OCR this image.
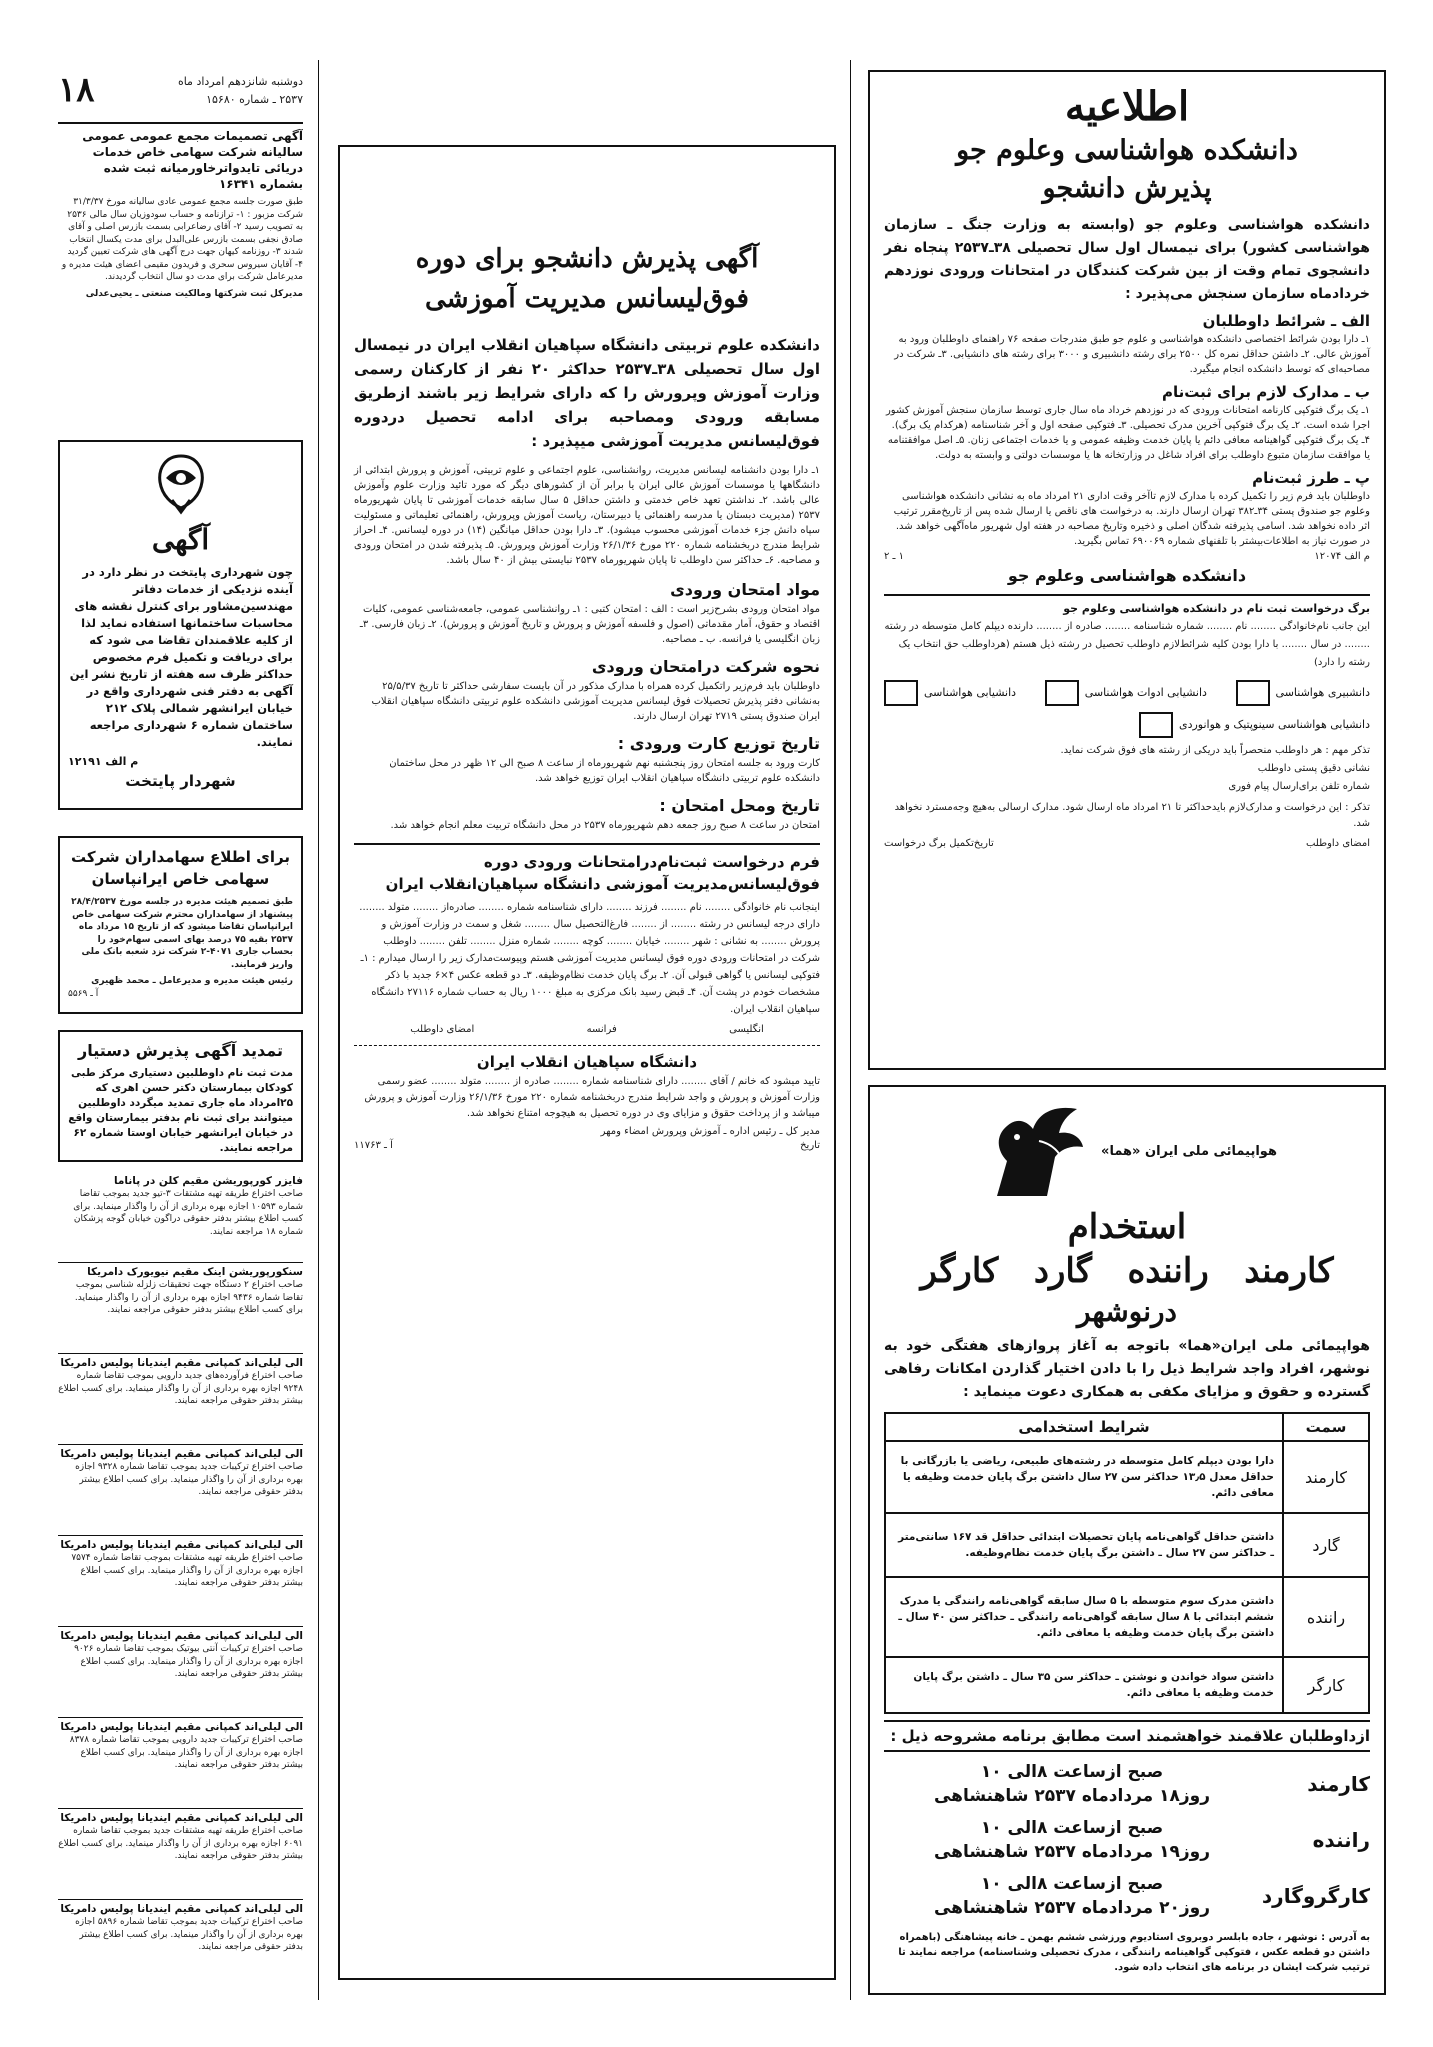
۱۸	دوشنبه شانزدهم امرداد ماه
۲۵۳۷ ـ شماره ۱۵۶۸۰
آگهی تصمیمات مجمع عمومی عمومی سالیانه شرکت سهامی خاص خدمات دریائی تایدواترخاورمیانه ثبت شده بشماره ۱۶۳۴۱
طبق صورت جلسه مجمع عمومی عادی سالیانه مورخ ۳۱/۳/۳۷ شرکت مزبور : ۱- ترازنامه و حساب سودوزیان سال مالی ۲۵۳۶ به تصویب رسید ۲- آقای رضاعرابی بسمت بازرس اصلی و آقای صادق نجفی بسمت بازرس علی‌البدل برای مدت یکسال انتخاب شدند ۳- روزنامه کیهان جهت درج آگهی های شرکت تعیین گردید ۴- آقایان سیروس سحری و فریدون مقیمی اعضای هیئت مدیره و مدیرعامل شرکت برای مدت دو سال انتخاب گردیدند.
مدیرکل ثبت شرکتها ومالکیت صنعتی ـ یحیی‌عدلی
آگهی
چون شهرداری پایتخت در نظر دارد در آینده نزدیکی از خدمات دفاتر مهندسین‌مشاور برای کنترل نقشه های محاسبات ساختمانها استفاده نماید لذا از کلیه علاقمندان تقاضا می شود که برای دریافت و تکمیل فرم مخصوص حداکثر ظرف سه هفته از تاریخ نشر این آگهی به دفتر فنی شهرداری واقع در خیابان ایرانشهر شمالی پلاک ۲۱۲ ساختمان شماره ۶ شهرداری مراجعه نمایند.
م الف ۱۲۱۹۱
شهردار پایتخت
برای اطلاع سهامداران شرکت سهامی خاص ایرانپاسان
طبق تصمیم هیئت مدیره در جلسه مورخ ۲۸/۴/۲۵۳۷ پیشنهاد از سهامداران محترم شرکت سهامی خاص ایرانپاسان تقاضا میشود که از تاریخ ۱۵ مرداد ماه ۲۵۳۷ بقیه ۷۵ درصد بهای اسمی سهام‌خود را بحساب جاری ۴۰۷۱-۲ شرکت نزد شعبه بانک ملی واریز فرمایند.
رئیس هیئت مدیره و مدیرعامل ـ محمد ظهیری
آ ـ ۵۵۶۹
تمدید آگهی پذیرش دستیار
مدت ثبت نام داوطلبین دستیاری مرکز طبی کودکان بیمارستان دکتر حسن اهری که ۲۵امرداد ماه جاری تمدید میگردد داوطلبین میتوانند برای ثبت نام بدفتر بیمارستان واقع در خیابان ایرانشهر خیابان اوستا شماره ۶۲ مراجعه نمایند.
فایزر کورپوریشن مقیم کلن در پاناما
صاحب اختراع طریقه تهیه مشتقات ۳-تیو جدید بموجب تقاضا شماره ۱۰۵۹۳ اجازه بهره برداری از آن را واگذار مینماید. برای کسب اطلاع بیشتر بدفتر حقوقی دراگون خیابان گوجه پزشکان شماره ۱۸ مراجعه نمایند.
سنکورپوریشن اینک مقیم نیویورک دامریکا
صاحب اختراع ۲ دستگاه جهت تحقیقات زلزله شناسی بموجب تقاضا شماره ۹۴۳۶ اجازه بهره برداری از آن را واگذار مینماید. برای کسب اطلاع بیشتر بدفتر حقوقی مراجعه نمایند.
الی لیلی‌اند کمپانی مقیم ایندیانا پولیس دامریکا
صاحب اختراع فرآورده‌های جدید دارویی بموجب تقاضا شماره ۹۲۴۸ اجازه بهره برداری از آن را واگذار مینماید. برای کسب اطلاع بیشتر بدفتر حقوقی مراجعه نمایند.
الی لیلی‌اند کمپانی مقیم ایندیانا پولیس دامریکا
صاحب اختراع ترکیبات جدید بموجب تقاضا شماره ۹۳۲۸ اجازه بهره برداری از آن را واگذار مینماید. برای کسب اطلاع بیشتر بدفتر حقوقی مراجعه نمایند.
الی لیلی‌اند کمپانی مقیم ایندیانا پولیس دامریکا
صاحب اختراع طریقه تهیه مشتقات بموجب تقاضا شماره ۷۵۷۴ اجازه بهره برداری از آن را واگذار مینماید. برای کسب اطلاع بیشتر بدفتر حقوقی مراجعه نمایند.
الی لیلی‌اند کمپانی مقیم ایندیانا پولیس دامریکا
صاحب اختراع ترکیبات آنتی بیوتیک بموجب تقاضا شماره ۹۰۲۶ اجازه بهره برداری از آن را واگذار مینماید. برای کسب اطلاع بیشتر بدفتر حقوقی مراجعه نمایند.
الی لیلی‌اند کمپانی مقیم ایندیانا پولیس دامریکا
صاحب اختراع ترکیبات جدید دارویی بموجب تقاضا شماره ۸۳۷۸ اجازه بهره برداری از آن را واگذار مینماید. برای کسب اطلاع بیشتر بدفتر حقوقی مراجعه نمایند.
الی لیلی‌اند کمپانی مقیم ایندیانا پولیس دامریکا
صاحب اختراع طریقه تهیه مشتقات جدید بموجب تقاضا شماره ۶۰۹۱ اجازه بهره برداری از آن را واگذار مینماید. برای کسب اطلاع بیشتر بدفتر حقوقی مراجعه نمایند.
الی لیلی‌اند کمپانی مقیم ایندیانا پولیس دامریکا
صاحب اختراع ترکیبات جدید بموجب تقاضا شماره ۵۸۹۶ اجازه بهره برداری از آن را واگذار مینماید. برای کسب اطلاع بیشتر بدفتر حقوقی مراجعه نمایند.
آگهی پذیرش دانشجو برای دوره
فوق‌لیسانس مدیریت آموزشی
دانشکده علوم تربیتی دانشگاه سپاهیان انقلاب ایران در نیمسال اول سال تحصیلی ۳۸ـ۲۵۳۷ حداکثر ۲۰ نفر از کارکنان رسمی وزارت آموزش وپرورش را که دارای شرایط زیر باشند ازطریق مسابقه ورودی ومصاحبه برای ادامه تحصیل دردوره فوق‌لیسانس مدیریت آموزشی میپذیرد :
۱ـ دارا بودن دانشنامه لیسانس مدیریت، روانشناسی، علوم اجتماعی و علوم تربیتی، آموزش و پرورش ابتدائی از دانشگاهها یا موسسات آموزش عالی ایران یا برابر آن از کشورهای دیگر که مورد تائید وزارت علوم وآموزش عالی باشد. ۲ـ نداشتن تعهد خاص خدمتی و داشتن حداقل ۵ سال سابقه خدمات آموزشی تا پایان شهریورماه ۲۵۳۷ (مدیریت دبستان یا مدرسه راهنمائی یا دبیرستان، ریاست آموزش وپرورش، راهنمائی تعلیماتی و مسئولیت سپاه دانش جزء خدمات آموزشی محسوب میشود). ۳ـ دارا بودن حداقل میانگین (۱۴) در دوره لیسانس. ۴ـ احراز شرایط مندرج دربخشنامه شماره ۲۲۰ مورخ ۲۶/۱/۳۶ وزارت آموزش وپرورش. ۵ـ پذیرفته شدن در امتحان ورودی و مصاحبه. ۶ـ حداکثر سن داوطلب تا پایان شهریورماه ۲۵۳۷ نبایستی بیش از ۴۰ سال باشد.
مواد امتحان ورودی
مواد امتحان ورودی بشرح‌زیر است : الف : امتحان کتبی : ۱ـ روانشناسی عمومی، جامعه‌شناسی عمومی، کلیات اقتصاد و حقوق، آمار مقدماتی (اصول و فلسفه آموزش و پرورش و تاریخ آموزش و پرورش). ۲ـ زبان فارسی. ۳ـ زبان انگلیسی یا فرانسه. ب ـ مصاحبه.
نحوه شرکت درامتحان ورودی
داوطلبان باید فرم‌زیر راتکمیل کرده همراه با مدارک مذکور در آن بایست سفارشی حداکثر تا تاریخ ۲۵/۵/۳۷ به‌نشانی دفتر پذیرش تحصیلات فوق لیسانس مدیریت آموزشی دانشکده علوم تربیتی دانشگاه سپاهیان انقلاب ایران صندوق پستی ۲۷۱۹ تهران ارسال دارند.
تاریخ توزیع کارت ورودی :
کارت ورود به جلسه امتحان روز پنجشنبه نهم شهریورماه از ساعت ۸ صبح الی ۱۲ ظهر در محل ساختمان دانشکده علوم تربیتی دانشگاه سپاهیان انقلاب ایران توزیع خواهد شد.
تاریخ ومحل امتحان :
امتحان در ساعت ۸ صبح روز جمعه دهم شهریورماه ۲۵۳۷ در محل دانشگاه تربیت معلم انجام خواهد شد.
فرم درخواست ثبت‌نام‌درامتحانات ورودی دوره فوق‌لیسانس‌مدیریت آموزشی دانشگاه سپاهیان‌انقلاب ایران
اینجانب نام خانوادگی ........ نام ........ فرزند ........ دارای شناسنامه شماره ........ صادره‌از ........ متولد ........ دارای درجه لیسانس در رشته ........ از ........ فارغ‌التحصیل سال ........ شغل و سمت در وزارت آموزش و پرورش ........ به نشانی : شهر ........ خیابان ........ کوچه ........ شماره منزل ........ تلفن ........ داوطلب شرکت در امتحانات ورودی دوره فوق لیسانس مدیریت آموزشی هستم وپیوست‌مدارک زیر را ارسال میدارم : ۱ـ فتوکپی لیسانس یا گواهی قبولی آن. ۲ـ برگ پایان خدمت نظام‌وظیفه. ۳ـ دو قطعه عکس ۴×۶ جدید با ذکر مشخصات خودم در پشت آن. ۴ـ قبض رسید بانک مرکزی به مبلغ ۱۰۰۰ ریال به حساب شماره ۲۷۱۱۶ دانشگاه سپاهیان انقلاب ایران.
انگلیسی
فرانسه
امضای داوطلب
دانشگاه سپاهیان انقلاب ایران
تایید میشود که خانم / آقای ........ دارای شناسنامه شماره ........ صادره از ........ متولد ........ عضو رسمی وزارت آموزش و پرورش و واجد شرایط مندرج دربخشنامه شماره ۲۲۰ مورخ ۲۶/۱/۳۶ وزارت آموزش و پرورش میباشد و از پرداخت حقوق و مزایای وی در دوره تحصیل به هیچوجه امتناع نخواهد شد.
مدیر کل ـ رئیس اداره ـ آموزش وپرورش امضاء ومهر
تاریخ
آ ـ ۱۱۷۶۳
اطلاعیه
دانشکده هواشناسی وعلوم جو
پذیرش دانشجو
دانشکده هواشناسی وعلوم جو (وابسته به وزارت جنگ ـ سازمان هواشناسی کشور) برای نیمسال اول سال تحصیلی ۳۸ـ۲۵۳۷ پنجاه نفر دانشجوی تمام وقت از بین شرکت کنندگان در امتحانات ورودی نوزدهم خردادماه سازمان سنجش می‌پذیرد :
الف ـ شرائط داوطلبان
۱ـ دارا بودن شرائط اختصاصی دانشکده هواشناسی و علوم جو طبق مندرجات صفحه ۷۶ راهنمای داوطلبان ورود به آموزش عالی. ۲ـ داشتن حداقل نمره کل ۲۵۰۰ برای رشته دانشبیری و ۳۰۰۰ برای رشته های دانشیابی. ۳ـ شرکت در مصاحبه‌ای که توسط دانشکده انجام میگیرد.
ب ـ مدارک لازم برای ثبت‌نام
۱ـ یک برگ فتوکپی کارنامه امتحانات ورودی که در نوزدهم خرداد ماه سال جاری توسط سازمان سنجش آموزش کشور اجرا شده است. ۲ـ یک برگ فتوکپی آخرین مدرک تحصیلی. ۳ـ فتوکپی صفحه اول و آخر شناسنامه (هرکدام یک برگ). ۴ـ یک برگ فتوکپی گواهینامه معافی دائم یا پایان خدمت وظیفه عمومی و یا خدمات اجتماعی زنان. ۵ـ اصل موافقتنامه یا موافقت سازمان متبوع داوطلب برای افراد شاغل در وزارتخانه ها یا موسسات دولتی و وابسته به دولت.
پ ـ طرز ثبت‌نام
داوطلبان باید فرم زیر را تکمیل کرده با مدارک لازم تاآخر وقت اداری ۲۱ امرداد ماه به نشانی دانشکده هواشناسی وعلوم جو صندوق پستی ۳۴ـ۳۸۲ تهران ارسال دارند. به درخواست های ناقص یا ارسال شده پس از تاریخ‌مقرر ترتیب اثر داده نخواهد شد. اسامی پذیرفته شدگان اصلی و ذخیره وتاریخ مصاحبه در هفته اول شهریور ماه‌آگهی خواهد شد. در صورت نیاز به اطلاعات‌بیشتر با تلفنهای شماره ۶۹۰۰۶۹ تماس بگیرید.
م الف ۱۲۰۷۴
۱ ـ ۲
دانشکده هواشناسی وعلوم جو
برگ درخواست ثبت نام در دانشکده هواشناسی وعلوم جو
این جانب نام‌خانوادگی ........ نام ........ شماره شناسنامه ........ صادره از ........ دارنده دیپلم کامل متوسطه در رشته ........ در سال ........ با دارا بودن کلیه شرائط‌لازم داوطلب تحصیل در رشته ذیل هستم (هرداوطلب حق انتخاب یک رشته را دارد)
دانشبیری هواشناسی
دانشیابی ادوات هواشناسی
دانشیابی هواشناسی
دانشیابی هواشناسی سینوپتیک و هوانوردی
تذکر مهم : هر داوطلب منحصراً باید دریکی از رشته های فوق شرکت نماید.
نشانی دقیق پستی داوطلب
شماره تلفن برای‌ارسال پیام فوری
تذکر : این درخواست و مدارک‌لازم بایدحداکثر تا ۲۱ امرداد ماه ارسال شود. مدارک ارسالی به‌هیچ وجه‌مسترد نخواهد شد.
امضای داوطلب
تاریخ‌تکمیل برگ درخواست
هواپیمائی ملی ایران «هما»
استخدام
کارمند   راننده   گارد   کارگر
درنوشهر
هواپیمائی ملی ایران«هما» باتوجه به آغاز پروازهای هفتگی خود به نوشهر، افراد واجد شرایط ذیل را با دادن اختیار گذاردن امکانات رفاهی گسترده و حقوق و مزایای مکفی به همکاری دعوت مینماید :
سمت	شرایط استخدامی
کارمند	دارا بودن دیپلم کامل متوسطه در رشته‌های طبیعی، ریاضی یا بازرگانی با حداقل معدل ۱۳٫۵ حداکثر سن ۲۷ سال داشتن برگ پایان خدمت وظیفه یا معافی دائم.
گارد	داشتن حداقل گواهی‌نامه پایان تحصیلات ابتدائی حداقل قد ۱۶۷ سانتی‌متر ـ حداکثر سن ۲۷ سال ـ داشتن برگ پایان خدمت نظام‌وظیفه.
راننده	داشتن مدرک سوم متوسطه با ۵ سال سابقه گواهی‌نامه رانندگی یا مدرک ششم ابتدائی با ۸ سال سابقه گواهی‌نامه رانندگی ـ حداکثر سن ۴۰ سال ـ داشتن برگ پایان خدمت وظیفه یا معافی دائم.
کارگر	داشتن سواد خواندن و نوشتن ـ حداکثر سن ۳۵ سال ـ داشتن برگ پایان خدمت وظیفه یا معافی دائم.
ازداوطلبان علاقمند خواهشمند است مطابق برنامه مشروحه ذیل :
کارمند
صبح ازساعت ۸الی ۱۰
روز۱۸ مردادماه ۲۵۳۷ شاهنشاهی
راننده
صبح ازساعت ۸الی ۱۰
روز۱۹ مردادماه ۲۵۳۷ شاهنشاهی
کارگروگارد
صبح ازساعت ۸الی ۱۰
روز۲۰ مردادماه ۲۵۳۷ شاهنشاهی
به آدرس : نوشهر ، جاده بابلسر دوبروی استادیوم ورزشی ششم بهمن ـ خانه پیشاهنگی (باهمراه داشتن دو قطعه عکس ، فتوکپی گواهینامه رانندگی ، مدرک تحصیلی وشناسنامه) مراجعه نمایند تا ترتیب شرکت ایشان در برنامه های انتخاب داده شود.
